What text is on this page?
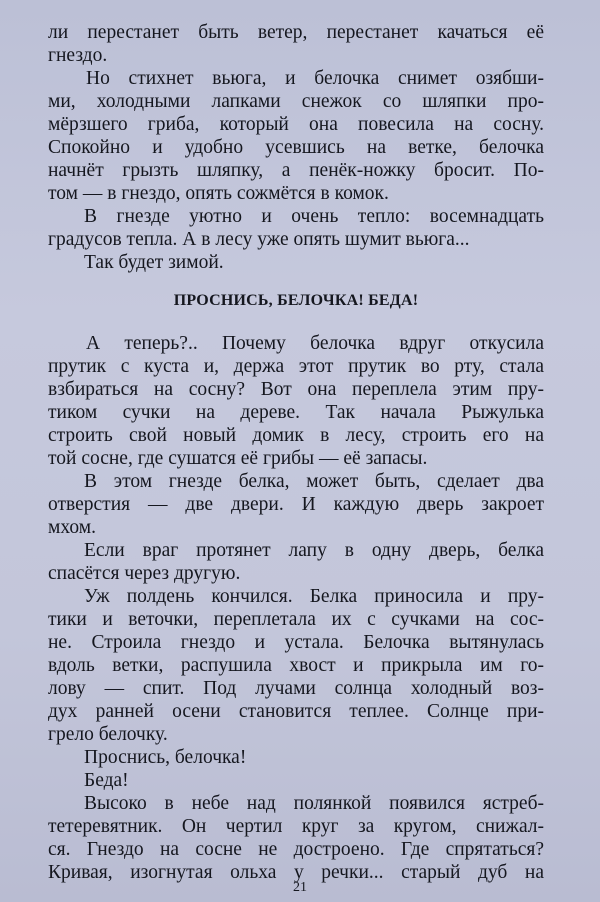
ли перестанет быть ветер, перестанет качаться её
гнездо.
Но стихнет вьюга, и белочка снимет озябши-
ми, холодными лапками снежок со шляпки про-
мёрзшего гриба, который она повесила на сосну.
Спокойно и удобно усевшись на ветке, белочка
начнёт грызть шляпку, а пенёк-ножку бросит. По-
том — в гнездо, опять сожмётся в комок.
В гнезде уютно и очень тепло: восемнадцать
градусов тепла. А в лесу уже опять шумит вьюга...
Так будет зимой.
ПРОСНИСЬ, БЕЛОЧКА! БЕДА!
А теперь?.. Почему белочка вдруг откусила
прутик с куста и, держа этот прутик во рту, стала
взбираться на сосну? Вот она переплела этим пру-
тиком сучки на дереве. Так начала Рыжулька
строить свой новый домик в лесу, строить его на
той сосне, где сушатся её грибы — её запасы.
В этом гнезде белка, может быть, сделает два
отверстия — две двери. И каждую дверь закроет
мхом.
Если враг протянет лапу в одну дверь, белка
спасётся через другую.
Уж полдень кончился. Белка приносила и пру-
тики и веточки, переплетала их с сучками на сос-
не. Строила гнездо и устала. Белочка вытянулась
вдоль ветки, распушила хвост и прикрыла им го-
лову — спит. Под лучами солнца холодный воз-
дух ранней осени становится теплее. Солнце при-
грело белочку.
Проснись, белочка!
Беда!
Высоко в небе над полянкой появился ястреб-
тетеревятник. Он чертил круг за кругом, снижал-
21
ся. Гнездо на сосне не достроено. Где спрятаться?
Кривая, изогнутая ольха у речки... старый дуб на
